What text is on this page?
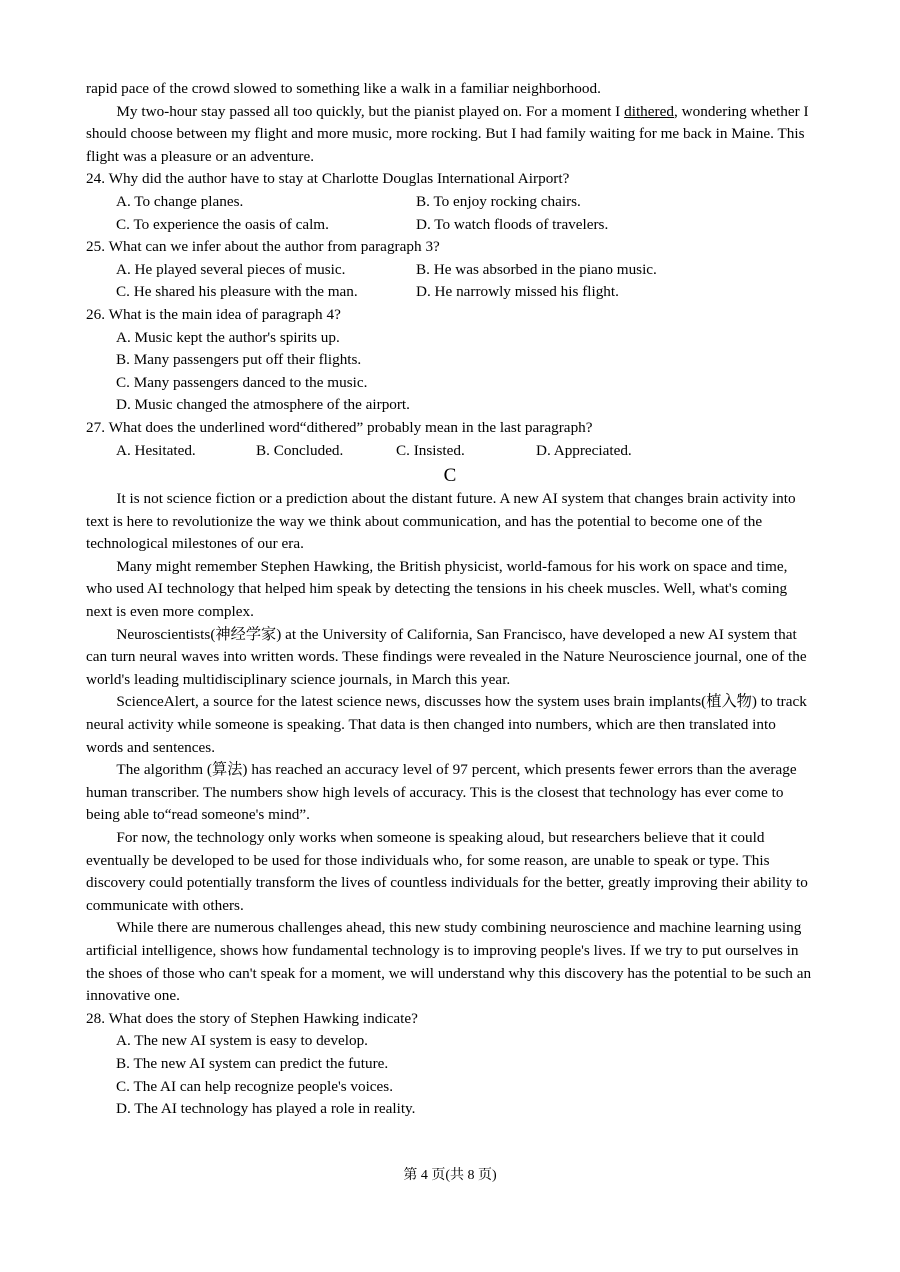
rapid pace of the crowd slowed to something like a walk in a familiar neighborhood.
My two-hour stay passed all too quickly, but the pianist played on. For a moment I dithered, wondering whether I should choose between my flight and more music, more rocking. But I had family waiting for me back in Maine. This flight was a pleasure or an adventure.
24. Why did the author have to stay at Charlotte Douglas International Airport?
A. To change planes.	B. To enjoy rocking chairs.
C. To experience the oasis of calm.	D. To watch floods of travelers.
25. What can we infer about the author from paragraph 3?
A. He played several pieces of music.	B. He was absorbed in the piano music.
C. He shared his pleasure with the man.	D. He narrowly missed his flight.
26. What is the main idea of paragraph 4?
A. Music kept the author's spirits up.
B. Many passengers put off their flights.
C. Many passengers danced to the music.
D. Music changed the atmosphere of the airport.
27. What does the underlined word“dithered” probably mean in the last paragraph?
A. Hesitated.	B. Concluded.	C. Insisted.	D. Appreciated.
C

It is not science fiction or a prediction about the distant future. A new AI system that changes brain activity into text is here to revolutionize the way we think about communication, and has the potential to become one of the technological milestones of our era.

Many might remember Stephen Hawking, the British physicist, world-famous for his work on space and time, who used AI technology that helped him speak by detecting the tensions in his cheek muscles. Well, what's coming next is even more complex.

Neuroscientists(神经学家) at the University of California, San Francisco, have developed a new AI system that can turn neural waves into written words. These findings were revealed in the Nature Neuroscience journal, one of the world's leading multidisciplinary science journals, in March this year.

ScienceAlert, a source for the latest science news, discusses how the system uses brain implants(植入物) to track neural activity while someone is speaking. That data is then changed into numbers, which are then translated into words and sentences.

The algorithm (算法) has reached an accuracy level of 97 percent, which presents fewer errors than the average human transcriber. The numbers show high levels of accuracy. This is the closest that technology has ever come to being able to“read someone's mind”.

For now, the technology only works when someone is speaking aloud, but researchers believe that it could eventually be developed to be used for those individuals who, for some reason, are unable to speak or type. This discovery could potentially transform the lives of countless individuals for the better, greatly improving their ability to communicate with others.

While there are numerous challenges ahead, this new study combining neuroscience and machine learning using artificial intelligence, shows how fundamental technology is to improving people's lives. If we try to put ourselves in the shoes of those who can't speak for a moment, we will understand why this discovery has the potential to be such an innovative one.

28. What does the story of Stephen Hawking indicate?
A. The new AI system is easy to develop.
B. The new AI system can predict the future.
C. The AI can help recognize people's voices.
D. The AI technology has played a role in reality.
第 4 页(共 8 页)
